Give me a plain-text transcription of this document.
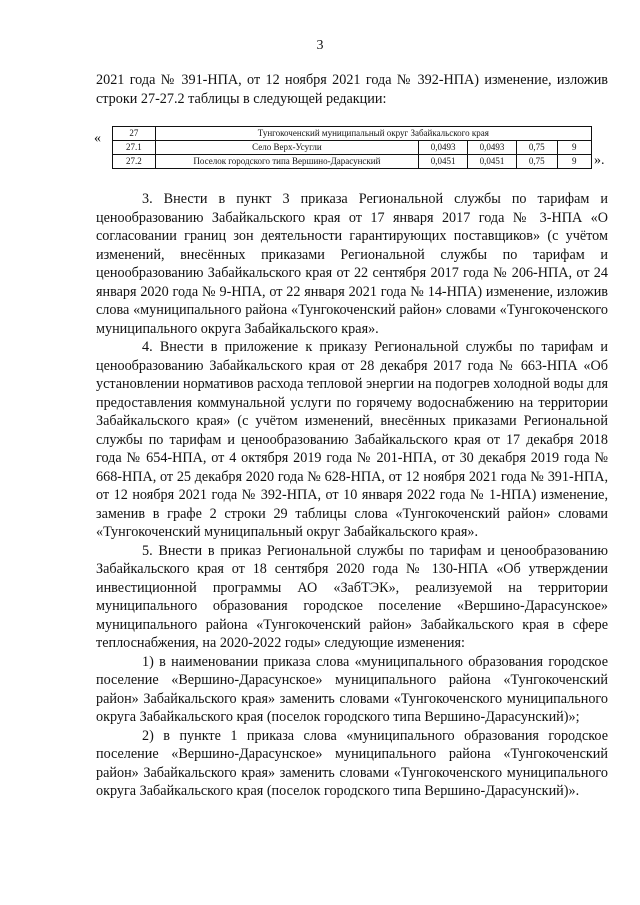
3

2021 года № 391-НПА, от 12 ноября 2021 года № 392-НПА) изменение, изложив строки 27-27.2 таблицы в следующей редакции:

«	27	Тунгокоченский муниципальный округ Забайкальского края				
27.1	Село Верх-Усугли	0,0493	0,0493	0,75	9
27.2	Поселок городского типа Вершино-Дарасунский	0,0451	0,0451	0,75	9 ».

3. Внести в пункт 3 приказа Региональной службы по тарифам и ценообразованию Забайкальского края от 17 января 2017 года № 3-НПА «О согласовании границ зон деятельности гарантирующих поставщиков» (с учётом изменений, внесённых приказами Региональной службы по тарифам и ценообразованию Забайкальского края от 22 сентября 2017 года № 206-НПА, от 24 января 2020 года № 9-НПА, от 22 января 2021 года № 14-НПА) изменение, изложив слова «муниципального района «Тунгокоченский район» словами «Тунгокоченского муниципального округа Забайкальского края».

4. Внести в приложение к приказу Региональной службы по тарифам и ценообразованию Забайкальского края от 28 декабря 2017 года № 663-НПА «Об установлении нормативов расхода тепловой энергии на подогрев холодной воды для предоставления коммунальной услуги по горячему водоснабжению на территории Забайкальского края» (с учётом изменений, внесённых приказами Региональной службы по тарифам и ценообразованию Забайкальского края от 17 декабря 2018 года № 654-НПА, от 4 октября 2019 года № 201-НПА, от 30 декабря 2019 года № 668-НПА, от 25 декабря 2020 года № 628-НПА, от 12 ноября 2021 года № 391-НПА, от 12 ноября 2021 года № 392-НПА, от 10 января 2022 года № 1-НПА) изменение, заменив в графе 2 строки 29 таблицы слова «Тунгокоченский район» словами «Тунгокоченский муниципальный округ Забайкальского края».

5. Внести в приказ Региональной службы по тарифам и ценообразованию Забайкальского края от 18 сентября 2020 года № 130-НПА «Об утверждении инвестиционной программы АО «ЗабТЭК», реализуемой на территории муниципального образования городское поселение «Вершино-Дарасунское» муниципального района «Тунгокоченский район» Забайкальского края в сфере теплоснабжения, на 2020-2022 годы» следующие изменения:

1) в наименовании приказа слова «муниципального образования городское поселение «Вершино-Дарасунское» муниципального района «Тунгокоченский район» Забайкальского края» заменить словами «Тунгокоченского муниципального округа Забайкальского края (поселок городского типа Вершино-Дарасунский)»;

2) в пункте 1 приказа слова «муниципального образования городское поселение «Вершино-Дарасунское» муниципального района «Тунгокоченский район» Забайкальского края» заменить словами «Тунгокоченского муниципального округа Забайкальского края (поселок городского типа Вершино-Дарасунский)».
